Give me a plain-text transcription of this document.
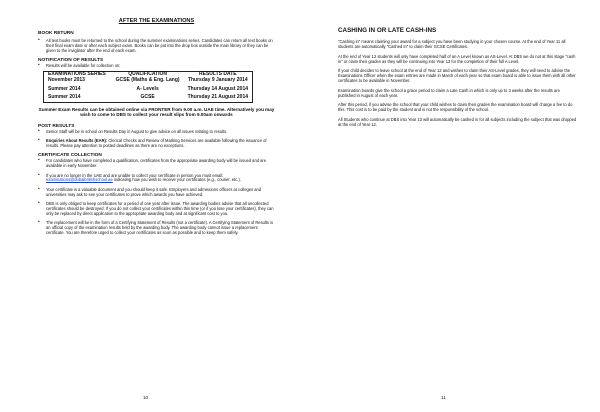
AFTER THE EXAMINATIONS
BOOK RETURN
• All text books must be returned to the school during the summer examinations series. Candidates can return all text books on their final exam date or after each subject exam. Books can be put into the drop box outside the main library or they can be given to the invigilator after the end of each exam.
NOTIFICATION OF RESULTS
• Results will be available for collection on:
EXAMINATIONS SERIES	QUALIFICATION	RESULTS DATE
November 2013	GCSE (Maths & Eng. Lang)	Thursday 9 January 2014
Summer 2014	A- Levels	Thursday 14 August 2014
Summer 2014	GCSE	Thursday 21 August 2014
Summer Exam Results can be obtained online via FRONTER from 9.00 a.m. UAE time. Alternatively you may wish to come to DBS to collect your result slips from 9.00am onwards
POST RESULTS
• Senior Staff will be in school on Results Day in August to give advice on all issues relating to results.
• Enquiries About Results (EAR): Clerical Checks and Review of Marking Services are available following the issuance of results. Please pay attention to posted deadlines as there are no exceptions.
CERTIFICATE COLLECTION
• For candidates who have completed a qualification, certificates from the appropriate awarding body will be issued and are available in early November.
• If you are no longer in the UAE and are unable to collect your certificate in person you must email: examinations@dubaibritishschool.ae indicating how you wish to receive your certificates (e.g., courier, etc.).
• Your certificate is a valuable document and you should keep it safe. Employers and admissions officers at colleges and universities may ask to see your certificates to prove which awards you have achieved.
• DBS is only obliged to keep certificates for a period of one year after issue. The awarding bodies advise that all uncollected certificates should be destroyed. If you do not collect your certificates within this time (or if you lose your certificates), they can only be replaced by direct application to the appropriate awarding body and at significant cost to you.
• The replacement will be in the form of a Certifying Statement of Results (not a certificate). A Certifying Statement of Results is an official copy of the examination results held by the awarding body. The awarding body cannot issue a replacement certificate. You are therefore urged to collect your certificates as soon as possible and to keep them safely.
10
CASHING IN OR LATE CASH-INS

"Cashing in" means claiming your award for a subject you have been studying in your chosen course. At the end of Year 11 all students are automatically "Cashed In" to claim their GCSE Certificates.

At the end of Year 12 students will only have completed half of an A Level known as AS-Level. At DBS we do not at this stage "cash in" or claim their grades as they will be continuing into Year 13 for the completion of their full A Level.

If your child decides to leave school at the end of Year 12 and wishes to claim their AS-Level grades, they will need to advise the Examinations Officer when the exam entries are made in March of each year so that exam board is able to issue them with all other certificates to be available in November.

Examination boards give the school a grace period to claim a Late Cash in which is only up to 3 weeks after the results are published in August of each year.

After this period, if you advise the school that your child wishes to claim their grades the examination board will charge a fee to do this. This cost is to be paid by the student and is not the responsibility of the school.

All Students who continue at DBS into Year 13 will automatically be cashed in for all subjects including the subject that was dropped at the end of Year 12.

11
